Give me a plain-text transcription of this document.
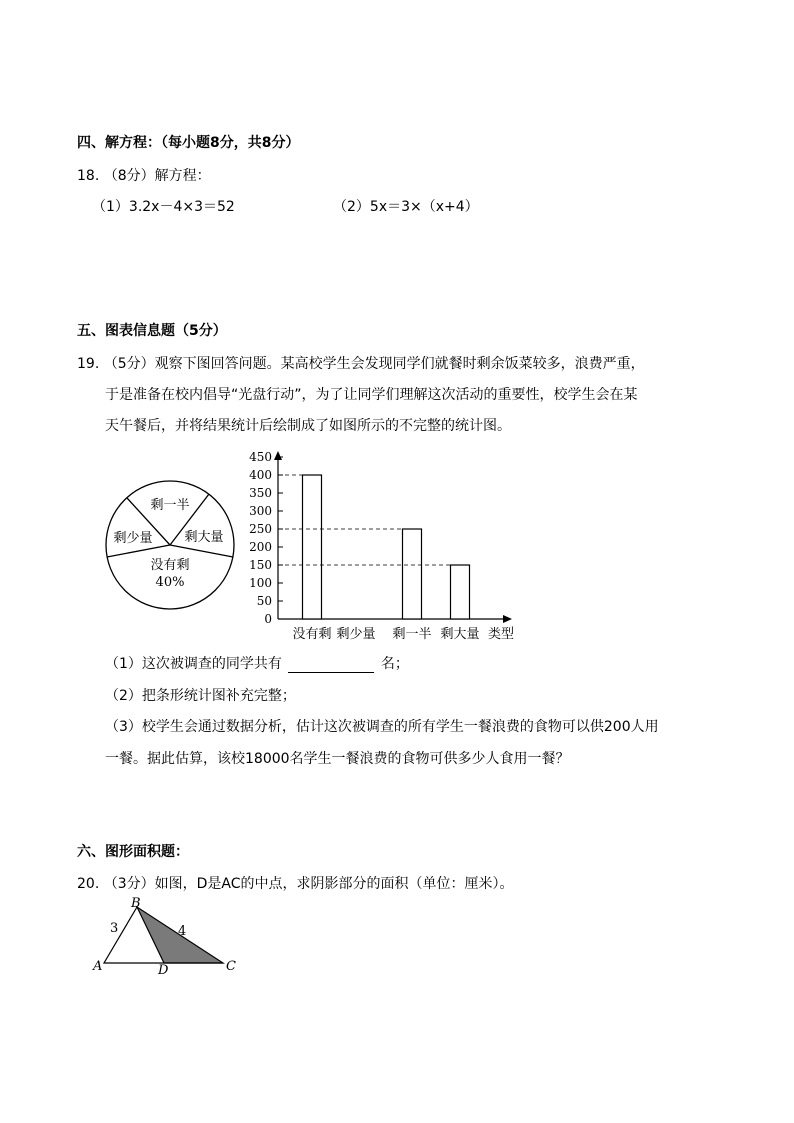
四、解方程：（每小题8分，共8分）
18. （8分）解方程：
（1）3.2x－4×3＝52	（2）5x＝3×（x+4）
五、图表信息题（5分）
19. （5分）观察下图回答问题。某高校学生会发现同学们就餐时剩余饭菜较多，浪费严重，
于是准备在校内倡导“光盘行动”，为了让同学们理解这次活动的重要性，校学生会在某
天午餐后，并将结果统计后绘制成了如图所示的不完整的统计图。
剩一半
剩大量
剩少量
没有剩
40%
0
50
100
150
200
250
300
350
400
450
没有剩 剩少量 剩一半 剩大量 类型
（1）这次被调查的同学共有	名；
（2）把条形统计图补充完整；
（3）校学生会通过数据分析，估计这次被调查的所有学生一餐浪费的食物可以供200人用
一餐。据此估算，该校18000名学生一餐浪费的食物可供多少人食用一餐？
六、图形面积题：
20. （3分）如图，D是AC的中点，求阴影部分的面积（单位：厘米）。
B
A	D	C
3	4
